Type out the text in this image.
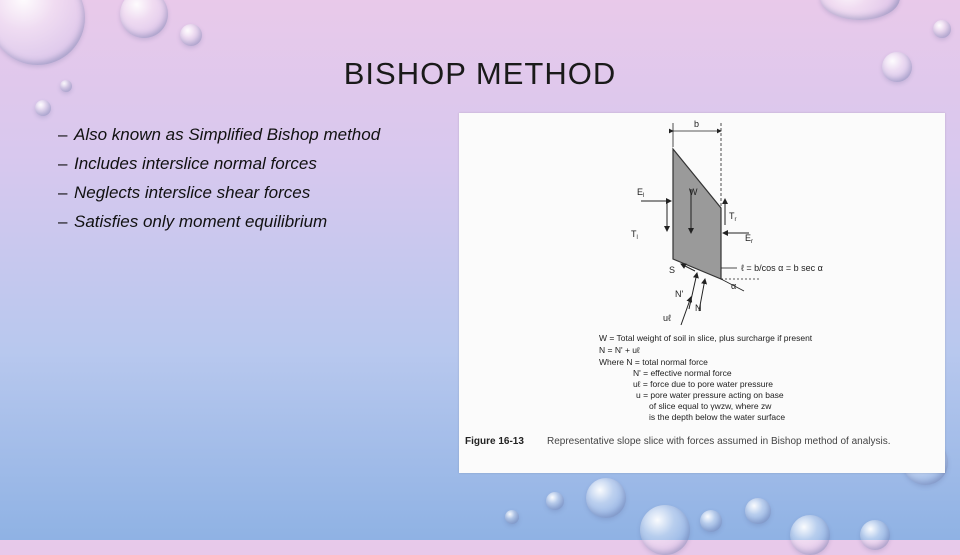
BISHOP METHOD
– Also known as Simplified Bishop method
– Includes interslice normal forces
– Neglects interslice shear forces
– Satisfies only moment equilibrium
b
W
$E_l$
$T_l$
$T_r$
$E_r$
S	ℓ = b/cos α = b sec α
α
N'
N
uℓ
W = Total weight of soil in slice, plus surcharge if present
N = N' + uℓ
Where N = total normal force
N' = effective normal force
uℓ = force due to pore water pressure
u = pore water pressure acting on base
of slice equal to γwzw, where zw
is the depth below the water surface
Figure 16-13 Representative slope slice with forces assumed in Bishop method of analysis.
